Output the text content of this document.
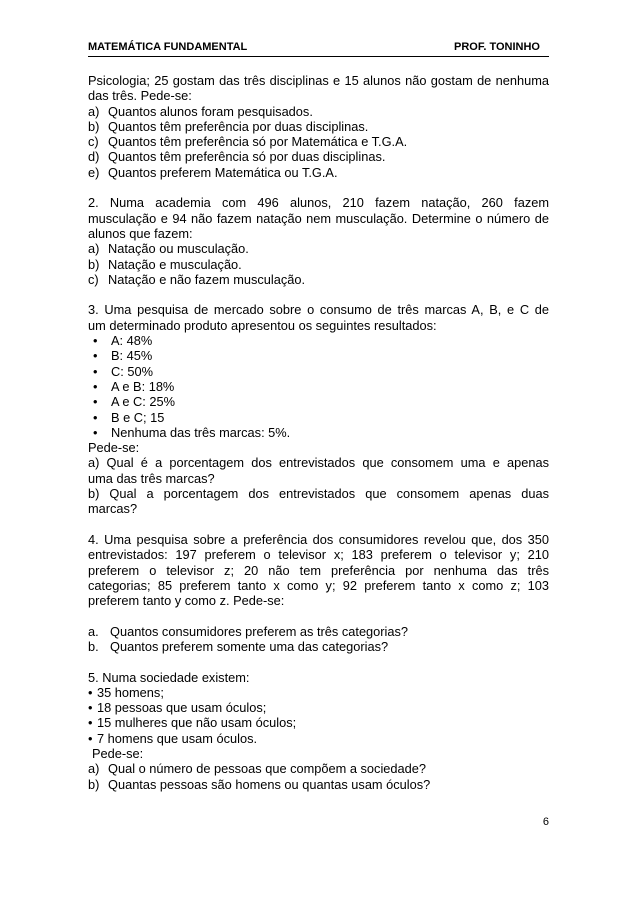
MATEMÁTICA FUNDAMENTAL	PROF. TONINHO
Psicologia; 25 gostam das três disciplinas e 15 alunos não gostam de nenhuma
das três. Pede-se:
a) Quantos alunos foram pesquisados.
b) Quantos têm preferência por duas disciplinas.
c) Quantos têm preferência só por Matemática e T.G.A.
d) Quantos têm preferência só por duas disciplinas.
e) Quantos preferem Matemática ou T.G.A.
2. Numa academia com 496 alunos, 210 fazem natação, 260 fazem
musculação e 94 não fazem natação nem musculação. Determine o número de
alunos que fazem:
a) Natação ou musculação.
b) Natação e musculação.
c) Natação e não fazem musculação.
3. Uma pesquisa de mercado sobre o consumo de três marcas A, B, e C de
um determinado produto apresentou os seguintes resultados:
• A: 48%
• B: 45%
• C: 50%
• A e B: 18%
• A e C: 25%
• B e C; 15
• Nenhuma das três marcas: 5%.
Pede-se:
a) Qual é a porcentagem dos entrevistados que consomem uma e apenas
uma das três marcas?
b) Qual a porcentagem dos entrevistados que consomem apenas duas
marcas?
4. Uma pesquisa sobre a preferência dos consumidores revelou que, dos 350
entrevistados: 197 preferem o televisor x; 183 preferem o televisor y; 210
preferem o televisor z; 20 não tem preferência por nenhuma das três
categorias; 85 preferem tanto x como y; 92 preferem tanto x como z; 103
preferem tanto y como z. Pede-se:
a. Quantos consumidores preferem as três categorias?
b. Quantos preferem somente uma das categorias?
5. Numa sociedade existem:
• 35 homens;
• 18 pessoas que usam óculos;
• 15 mulheres que não usam óculos;
• 7 homens que usam óculos.
Pede-se:
a) Qual o número de pessoas que compõem a sociedade?
b) Quantas pessoas são homens ou quantas usam óculos?
6
